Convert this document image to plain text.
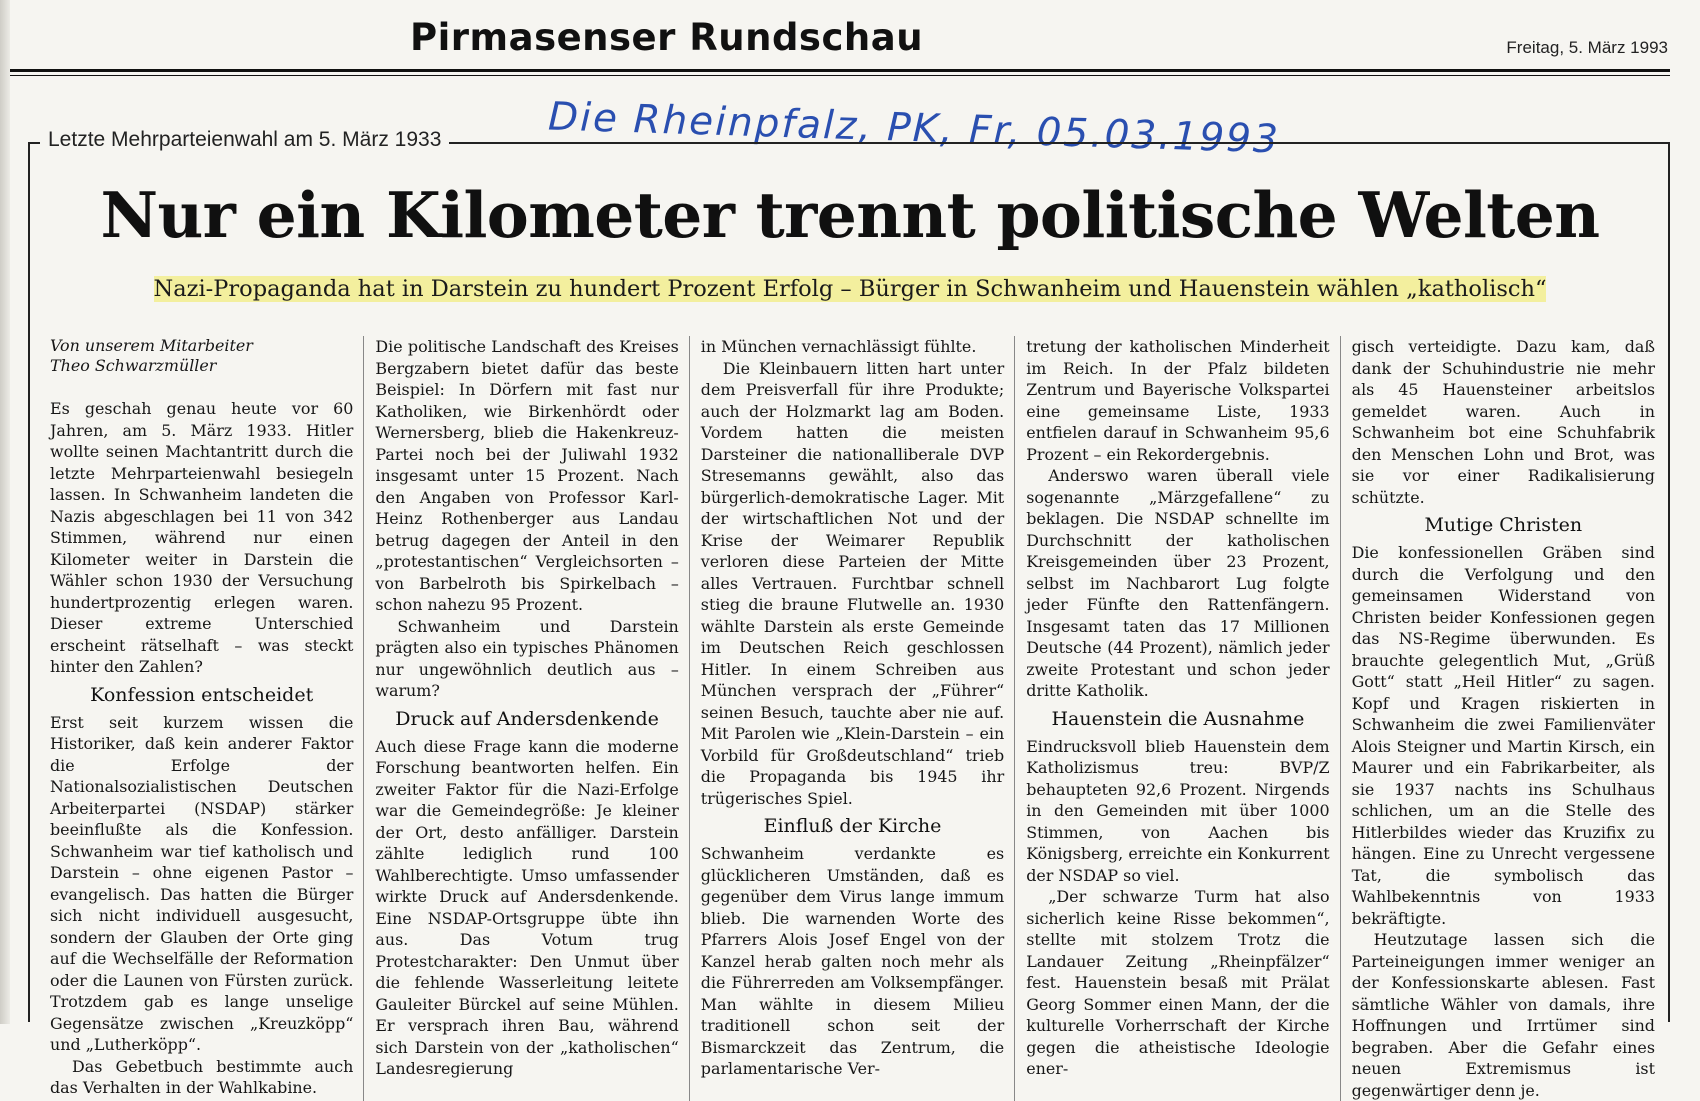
Pirmasenser Rundschau	Freitag, 5. März 1993
Die Rheinpfalz, PK, Fr, 05.03.1993
Letzte Mehrparteienwahl am 5. März 1933
Nur ein Kilometer trennt politische Welten
Nazi-Propaganda hat in Darstein zu hundert Prozent Erfolg – Bürger in Schwanheim und Hauenstein wählen „katholisch“
Von unserem Mitarbeiter
Theo Schwarzmüller

Es geschah genau heute vor 60 Jahren, am 5. März 1933. Hitler wollte seinen Machtantritt durch die letzte Mehrparteienwahl besiegeln lassen. In Schwanheim landeten die Nazis abgeschlagen bei 11 von 342 Stimmen, während nur einen Kilometer weiter in Darstein die Wähler schon 1930 der Versuchung hundertprozentig erlegen waren. Dieser extreme Unterschied erscheint rätselhaft – was steckt hinter den Zahlen?

Konfession entscheidet

Erst seit kurzem wissen die Historiker, daß kein anderer Faktor die Erfolge der Nationalsozialistischen Deutschen Arbeiterpartei (NSDAP) stärker beeinflußte als die Konfession. Schwanheim war tief katholisch und Darstein – ohne eigenen Pastor – evangelisch. Das hatten die Bürger sich nicht individuell ausgesucht, sondern der Glauben der Orte ging auf die Wechselfälle der Reformation oder die Launen von Fürsten zurück. Trotzdem gab es lange unselige Gegensätze zwischen „Kreuzköpp“ und „Lutherköpp“.

Das Gebetbuch bestimmte auch das Verhalten in der Wahlkabine.

Die politische Landschaft des Kreises Bergzabern bietet dafür das beste Beispiel: In Dörfern mit fast nur Katholiken, wie Birkenhördt oder Wernersberg, blieb die Hakenkreuz-Partei noch bei der Juliwahl 1932 insgesamt unter 15 Prozent. Nach den Angaben von Professor Karl-Heinz Rothenberger aus Landau betrug dagegen der Anteil in den „protestantischen“ Vergleichsorten – von Barbelroth bis Spirkelbach – schon nahezu 95 Prozent.

Schwanheim und Darstein prägten also ein typisches Phänomen nur ungewöhnlich deutlich aus – warum?

Druck auf Andersdenkende

Auch diese Frage kann die moderne Forschung beantworten helfen. Ein zweiter Faktor für die Nazi-Erfolge war die Gemeindegröße: Je kleiner der Ort, desto anfälliger. Darstein zählte lediglich rund 100 Wahlberechtigte. Umso umfassender wirkte Druck auf Andersdenkende. Eine NSDAP-Ortsgruppe übte ihn aus. Das Votum trug Protestcharakter: Den Unmut über die fehlende Wasserleitung leitete Gauleiter Bürckel auf seine Mühlen. Er versprach ihren Bau, während sich Darstein von der „katholischen“ Landesregierung

in München vernachlässigt fühlte.

Die Kleinbauern litten hart unter dem Preisverfall für ihre Produkte; auch der Holzmarkt lag am Boden. Vordem hatten die meisten Darsteiner die nationalliberale DVP Stresemanns gewählt, also das bürgerlich-demokratische Lager. Mit der wirtschaftlichen Not und der Krise der Weimarer Republik verloren diese Parteien der Mitte alles Vertrauen. Furchtbar schnell stieg die braune Flutwelle an. 1930 wählte Darstein als erste Gemeinde im Deutschen Reich geschlossen Hitler. In einem Schreiben aus München versprach der „Führer“ seinen Besuch, tauchte aber nie auf. Mit Parolen wie „Klein-Darstein – ein Vorbild für Großdeutschland“ trieb die Propaganda bis 1945 ihr trügerisches Spiel.

Einfluß der Kirche

Schwanheim verdankte es glücklicheren Umständen, daß es gegenüber dem Virus lange immum blieb. Die warnenden Worte des Pfarrers Alois Josef Engel von der Kanzel herab galten noch mehr als die Führerreden am Volksempfänger. Man wählte in diesem Milieu traditionell schon seit der Bismarckzeit das Zentrum, die parlamentarische Ver-

tretung der katholischen Minderheit im Reich. In der Pfalz bildeten Zentrum und Bayerische Volkspartei eine gemeinsame Liste, 1933 entfielen darauf in Schwanheim 95,6 Prozent – ein Rekordergebnis.

Anderswo waren überall viele sogenannte „Märzgefallene“ zu beklagen. Die NSDAP schnellte im Durchschnitt der katholischen Kreisgemeinden über 23 Prozent, selbst im Nachbarort Lug folgte jeder Fünfte den Rattenfängern. Insgesamt taten das 17 Millionen Deutsche (44 Prozent), nämlich jeder zweite Protestant und schon jeder dritte Katholik.

Hauenstein die Ausnahme

Eindrucksvoll blieb Hauenstein dem Katholizismus treu: BVP/Z behaupteten 92,6 Prozent. Nirgends in den Gemeinden mit über 1000 Stimmen, von Aachen bis Königsberg, erreichte ein Konkurrent der NSDAP so viel.

„Der schwarze Turm hat also sicherlich keine Risse bekommen“, stellte mit stolzem Trotz die Landauer Zeitung „Rheinpfälzer“ fest. Hauenstein besaß mit Prälat Georg Sommer einen Mann, der die kulturelle Vorherrschaft der Kirche gegen die atheistische Ideologie ener-

gisch verteidigte. Dazu kam, daß dank der Schuhindustrie nie mehr als 45 Hauensteiner arbeitslos gemeldet waren. Auch in Schwanheim bot eine Schuhfabrik den Menschen Lohn und Brot, was sie vor einer Radikalisierung schützte.

Mutige Christen

Die konfessionellen Gräben sind durch die Verfolgung und den gemeinsamen Widerstand von Christen beider Konfessionen gegen das NS-Regime überwunden. Es brauchte gelegentlich Mut, „Grüß Gott“ statt „Heil Hitler“ zu sagen. Kopf und Kragen riskierten in Schwanheim die zwei Familienväter Alois Steigner und Martin Kirsch, ein Maurer und ein Fabrikarbeiter, als sie 1937 nachts ins Schulhaus schlichen, um an die Stelle des Hitlerbildes wieder das Kruzifix zu hängen. Eine zu Unrecht vergessene Tat, die symbolisch das Wahlbekenntnis von 1933 bekräftigte.

Heutzutage lassen sich die Parteineigungen immer weniger an der Konfessionskarte ablesen. Fast sämtliche Wähler von damals, ihre Hoffnungen und Irrtümer sind begraben. Aber die Gefahr eines neuen Extremismus ist gegenwärtiger denn je.
